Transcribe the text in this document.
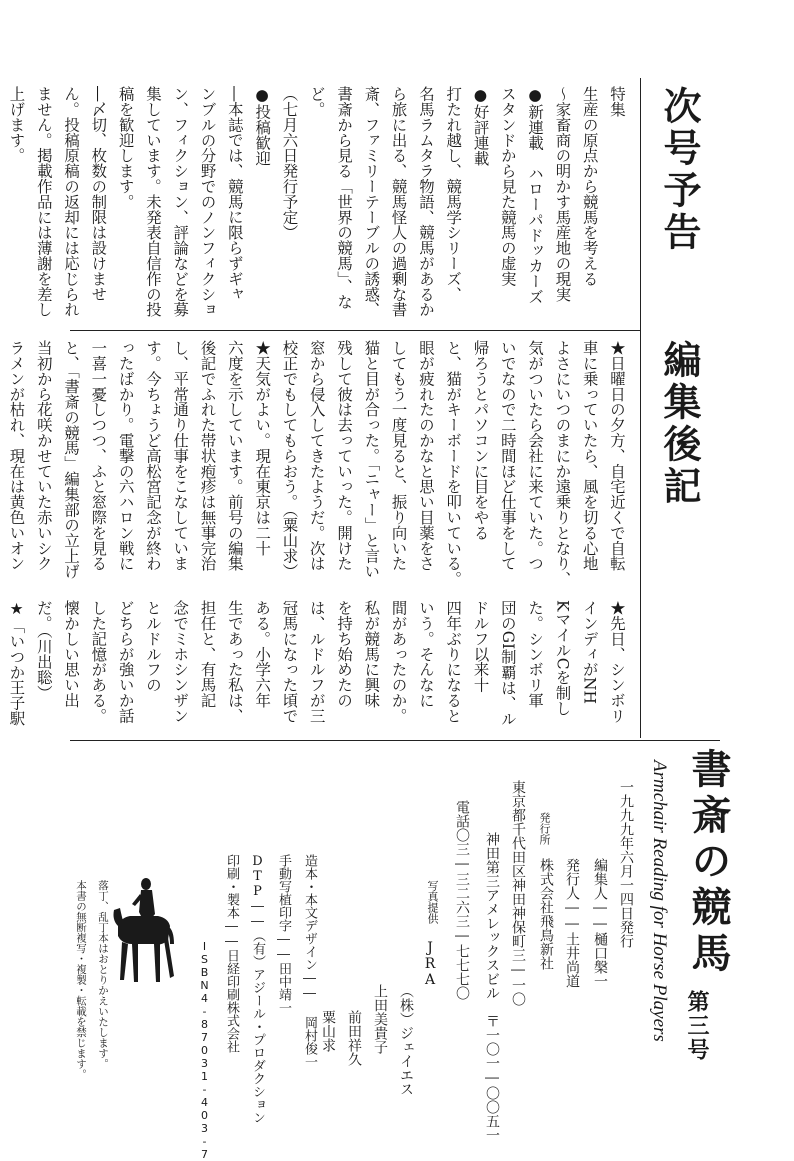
次号予告
特集
生産の原点から競馬を考える
〜家畜商の明かす馬産地の現実
●新連載　ハローパドッカーズ
スタンドから見た競馬の虚実
●好評連載
打たれ越し、競馬学シリーズ、
名馬ラムタラ物語、競馬があるか
ら旅に出る、競馬怪人の過剰な書
斎、ファミリーテーブルの誘惑、
書斎から見る「世界の競馬」、など。
（七月六日発行予定）
●投稿歓迎
―本誌では、競馬に限らずギャ
ンブルの分野でのノンフィクショ
ン、フィクション、評論などを募
集しています。未発表自信作の投
稿を歓迎します。
―〆切、枚数の制限は設けませ
ん。投稿原稿の返却には応じられ
ません。掲載作品には薄謝を差し
上げます。

編集後記
★日曜日の夕方、自宅近くで自転
車に乗っていたら、風を切る心地
よさにいつのまにか遠乗りとなり、
気がついたら会社に来ていた。つ
いでなので二時間ほど仕事をして
帰ろうとパソコンに目をやる
と、猫がキーボードを叩いている。
眼が疲れたのかなと思い目薬をさ
してもう一度見ると、振り向いた
猫と目が合った。「ニャー」と言い
残して彼は去っていった。開けた
窓から侵入してきたようだ。次は
校正でもしてもらおう。（粟山求）
★天気がよい。現在東京は二十
六度を示しています。前号の編集
後記でふれた帯状疱疹は無事完治
し、平常通り仕事をこなしていま
す。今ちょうど高松宮記念が終わ
ったばかり。電撃の六ハロン戦に
一喜一憂しつつ、ふと窓際を見る
と、「書斎の競馬」編集部の立上げ
当初から花咲かせていた赤いシク
ラメンが枯れ、現在は黄色いオン

★先日、シンボリインディがNH
KマイルCを制した。シンボリ軍
団のGI制覇は、ルドルフ以来十
四年ぶりになるという。そんなに
間があったのか。私が競馬に興味
を持ち始めたのは、ルドルフが三
冠馬になった頃である。小学六年
生であった私は、担任と、有馬記
念でミホシンザンとルドルフの
どちらが強いか話した記憶がある。
懐かしい思い出だ。（川出聡）
★「いつか王子駅

書斎の競馬
Armchair Reading for Horse Players 第三号
一九九九年六月一四日発行
編集人――樋口槃一
発行人――土井尚道
発行所
株式会社飛鳥新社
東京都千代田区神田神保町三―一〇
神田第三アメレックスビル　〒一〇一―〇〇五一
電話〇三―三二六三―七七七〇
写真提供
JRA
（株）ジェイエス
上田美貴子
前田祥久
粟山求
造本・本文デザイン―― 岡村俊一
手動写植印字――田中靖一
DTP――（有）アジール・プロダクション
印刷・製本――日経印刷株式会社
ISBN4-87031-403-7
落丁、乱丁本はおとりかえいたします。
本書の無断複写・複製・転載を禁じます。
